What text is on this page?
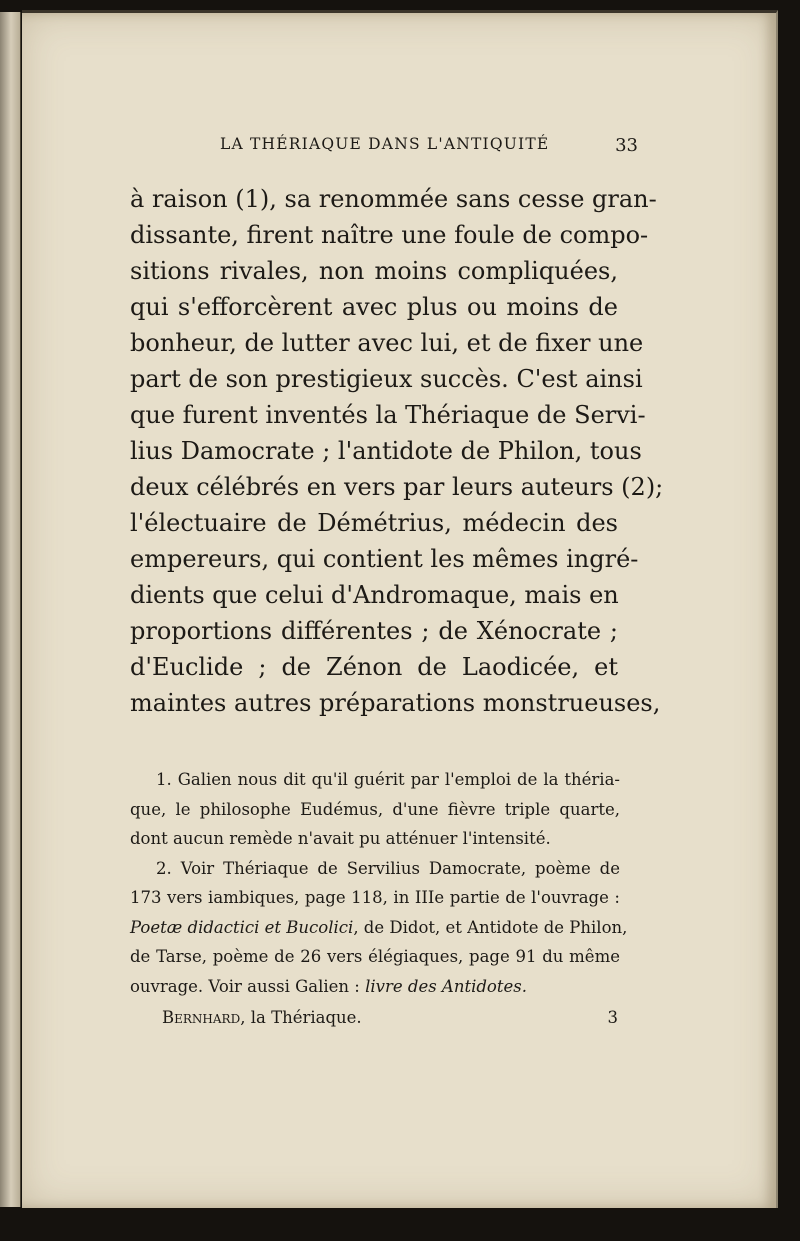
LA THÉRIAQUE DANS L'ANTIQUITÉ	33
à raison (1), sa renommée sans cesse gran-
dissante, firent naître une foule de compo-
sitions rivales, non moins compliquées,
qui s'efforcèrent avec plus ou moins de
bonheur, de lutter avec lui, et de fixer une
part de son prestigieux succès. C'est ainsi
que furent inventés la Thériaque de Servi-
lius Damocrate ; l'antidote de Philon, tous
deux célébrés en vers par leurs auteurs (2);
l'électuaire de Démétrius, médecin des
empereurs, qui contient les mêmes ingré-
dients que celui d'Andromaque, mais en
proportions différentes ; de Xénocrate ;
d'Euclide ; de Zénon de Laodicée, et
maintes autres préparations monstrueuses,
1. Galien nous dit qu'il guérit par l'emploi de la théria-
que, le philosophe Eudémus, d'une fièvre triple quarte,
dont aucun remède n'avait pu atténuer l'intensité.
2. Voir Thériaque de Servilius Damocrate, poème de
173 vers iambiques, page 118, in IIIe partie de l'ouvrage :
Poetæ didactici et Bucolici, de Didot, et Antidote de Philon,
de Tarse, poème de 26 vers élégiaques, page 91 du même
ouvrage. Voir aussi Galien : livre des Antidotes.
Bernhard, la Thériaque.	3
